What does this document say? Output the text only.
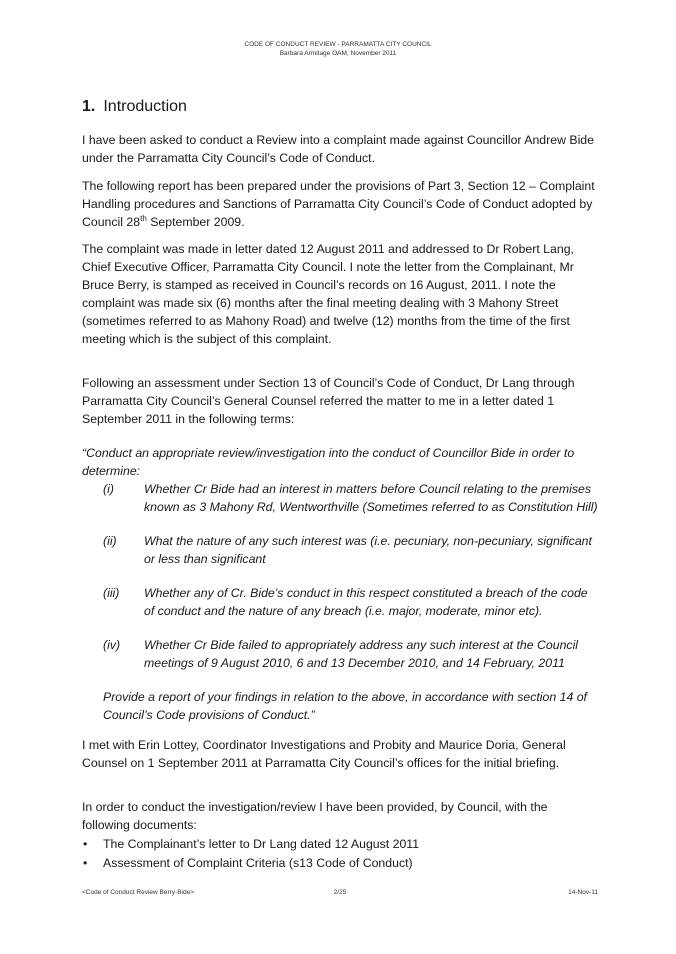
CODE OF CONDUCT REVIEW - PARRAMATTA CITY COUNCIL
Barbara Armitage OAM, November 2011
1. Introduction
I have been asked to conduct a Review into a complaint made against Councillor Andrew Bide under the Parramatta City Council’s Code of Conduct.
The following report has been prepared under the provisions of Part 3, Section 12 – Complaint Handling procedures and Sanctions of Parramatta City Council’s Code of Conduct adopted by Council 28th September 2009.
The complaint was made in letter dated 12 August 2011 and addressed to Dr Robert Lang, Chief Executive Officer, Parramatta City Council. I note the letter from the Complainant, Mr Bruce Berry, is stamped as received in Council’s records on 16 August, 2011. I note the complaint was made six (6) months after the final meeting dealing with 3 Mahony Street (sometimes referred to as Mahony Road) and twelve (12) months from the time of the first meeting which is the subject of this complaint.
Following an assessment under Section 13 of Council’s Code of Conduct, Dr Lang through Parramatta City Council’s General Counsel referred the matter to me in a letter dated 1 September 2011 in the following terms:
“Conduct an appropriate review/investigation into the conduct of Councillor Bide in order to determine:
(i) Whether Cr Bide had an interest in matters before Council relating to the premises known as 3 Mahony Rd, Wentworthville (Sometimes referred to as Constitution Hill)
(ii) What the nature of any such interest was (i.e. pecuniary, non-pecuniary, significant or less than significant
(iii) Whether any of Cr. Bide’s conduct in this respect constituted a breach of the code of conduct and the nature of any breach (i.e. major, moderate, minor etc).
(iv) Whether Cr Bide failed to appropriately address any such interest at the Council meetings of 9 August 2010, 6 and 13 December 2010, and 14 February, 2011
Provide a report of your findings in relation to the above, in accordance with section 14 of Council’s Code provisions of Conduct.”
I met with Erin Lottey, Coordinator Investigations and Probity and Maurice Doria, General Counsel on 1 September 2011 at Parramatta City Council’s offices for the initial briefing.
In order to conduct the investigation/review I have been provided, by Council, with the following documents:
• The Complainant’s letter to Dr Lang dated 12 August 2011
• Assessment of Complaint Criteria (s13 Code of Conduct)
<Code of Conduct Review Berry-Bide>	2/25	14-Nov-11
